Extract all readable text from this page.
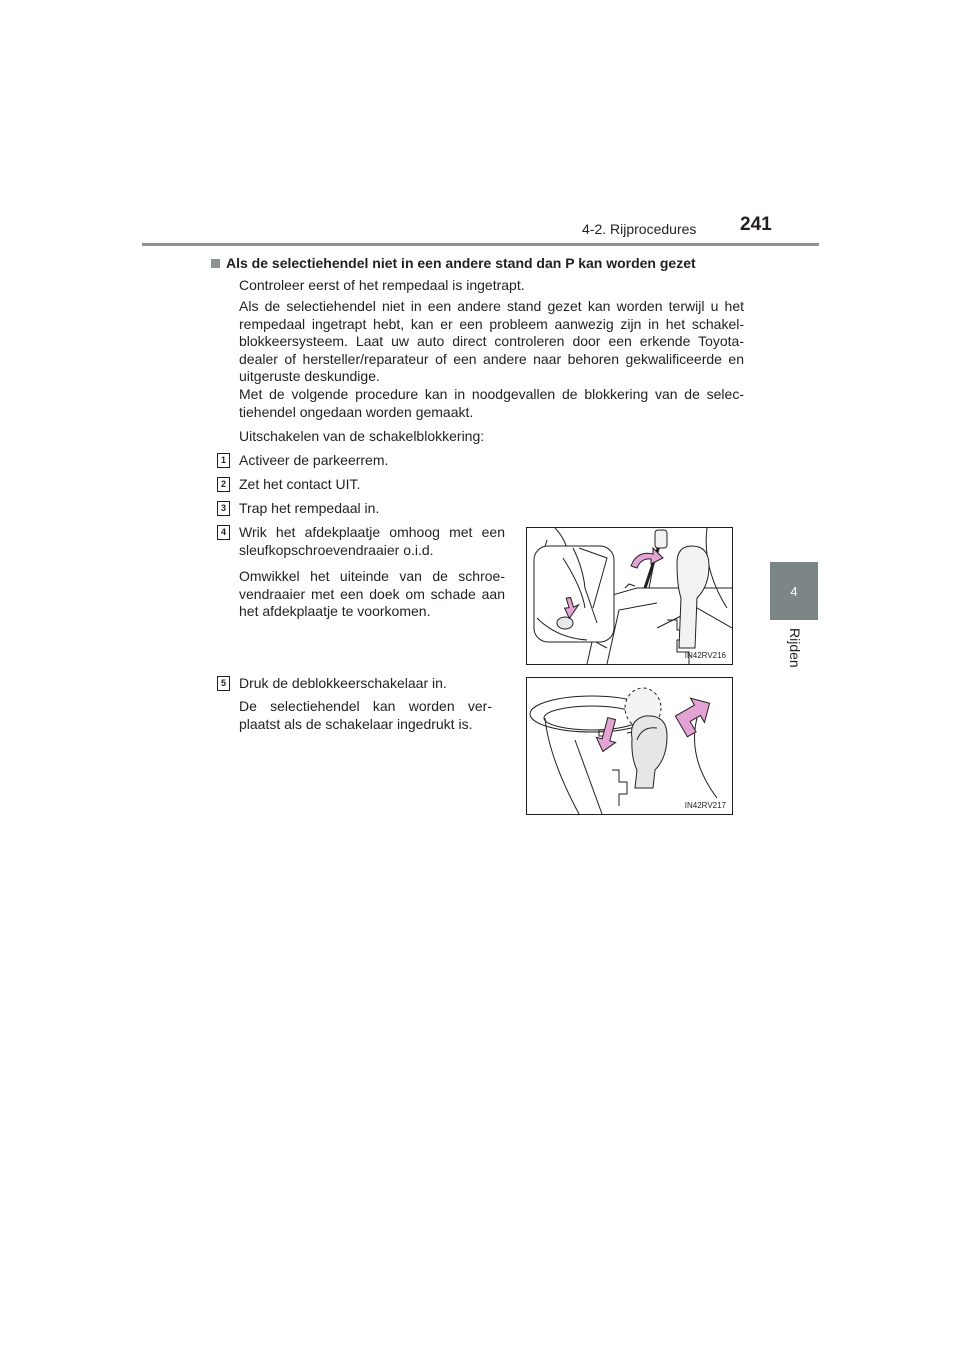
4-2. Rijprocedures 241
4
Rijden
Als de selectiehendel niet in een andere stand dan P kan worden gezet
Controleer eerst of het rempedaal is ingetrapt.
Als de selectiehendel niet in een andere stand gezet kan worden terwijl u het rempedaal ingetrapt hebt, kan er een probleem aanwezig zijn in het schakel-blokkeersysteem. Laat uw auto direct controleren door een erkende Toyota-dealer of hersteller/reparateur of een andere naar behoren gekwalificeerde en uitgeruste deskundige.
Met de volgende procedure kan in noodgevallen de blokkering van de selec-tiehendel ongedaan worden gemaakt.
Uitschakelen van de schakelblokkering:
1 Activeer de parkeerrem.
2 Zet het contact UIT.
3 Trap het rempedaal in.
4 Wrik het afdekplaatje omhoog met een sleufkopschroevendraaier o.i.d.
Omwikkel het uiteinde van de schroe-vendraaier met een doek om schade aan het afdekplaatje te voorkomen.
5 Druk de deblokkeerschakelaar in.
De selectiehendel kan worden ver-plaatst als de schakelaar ingedrukt is.
IN42RV216
IN42RV217
